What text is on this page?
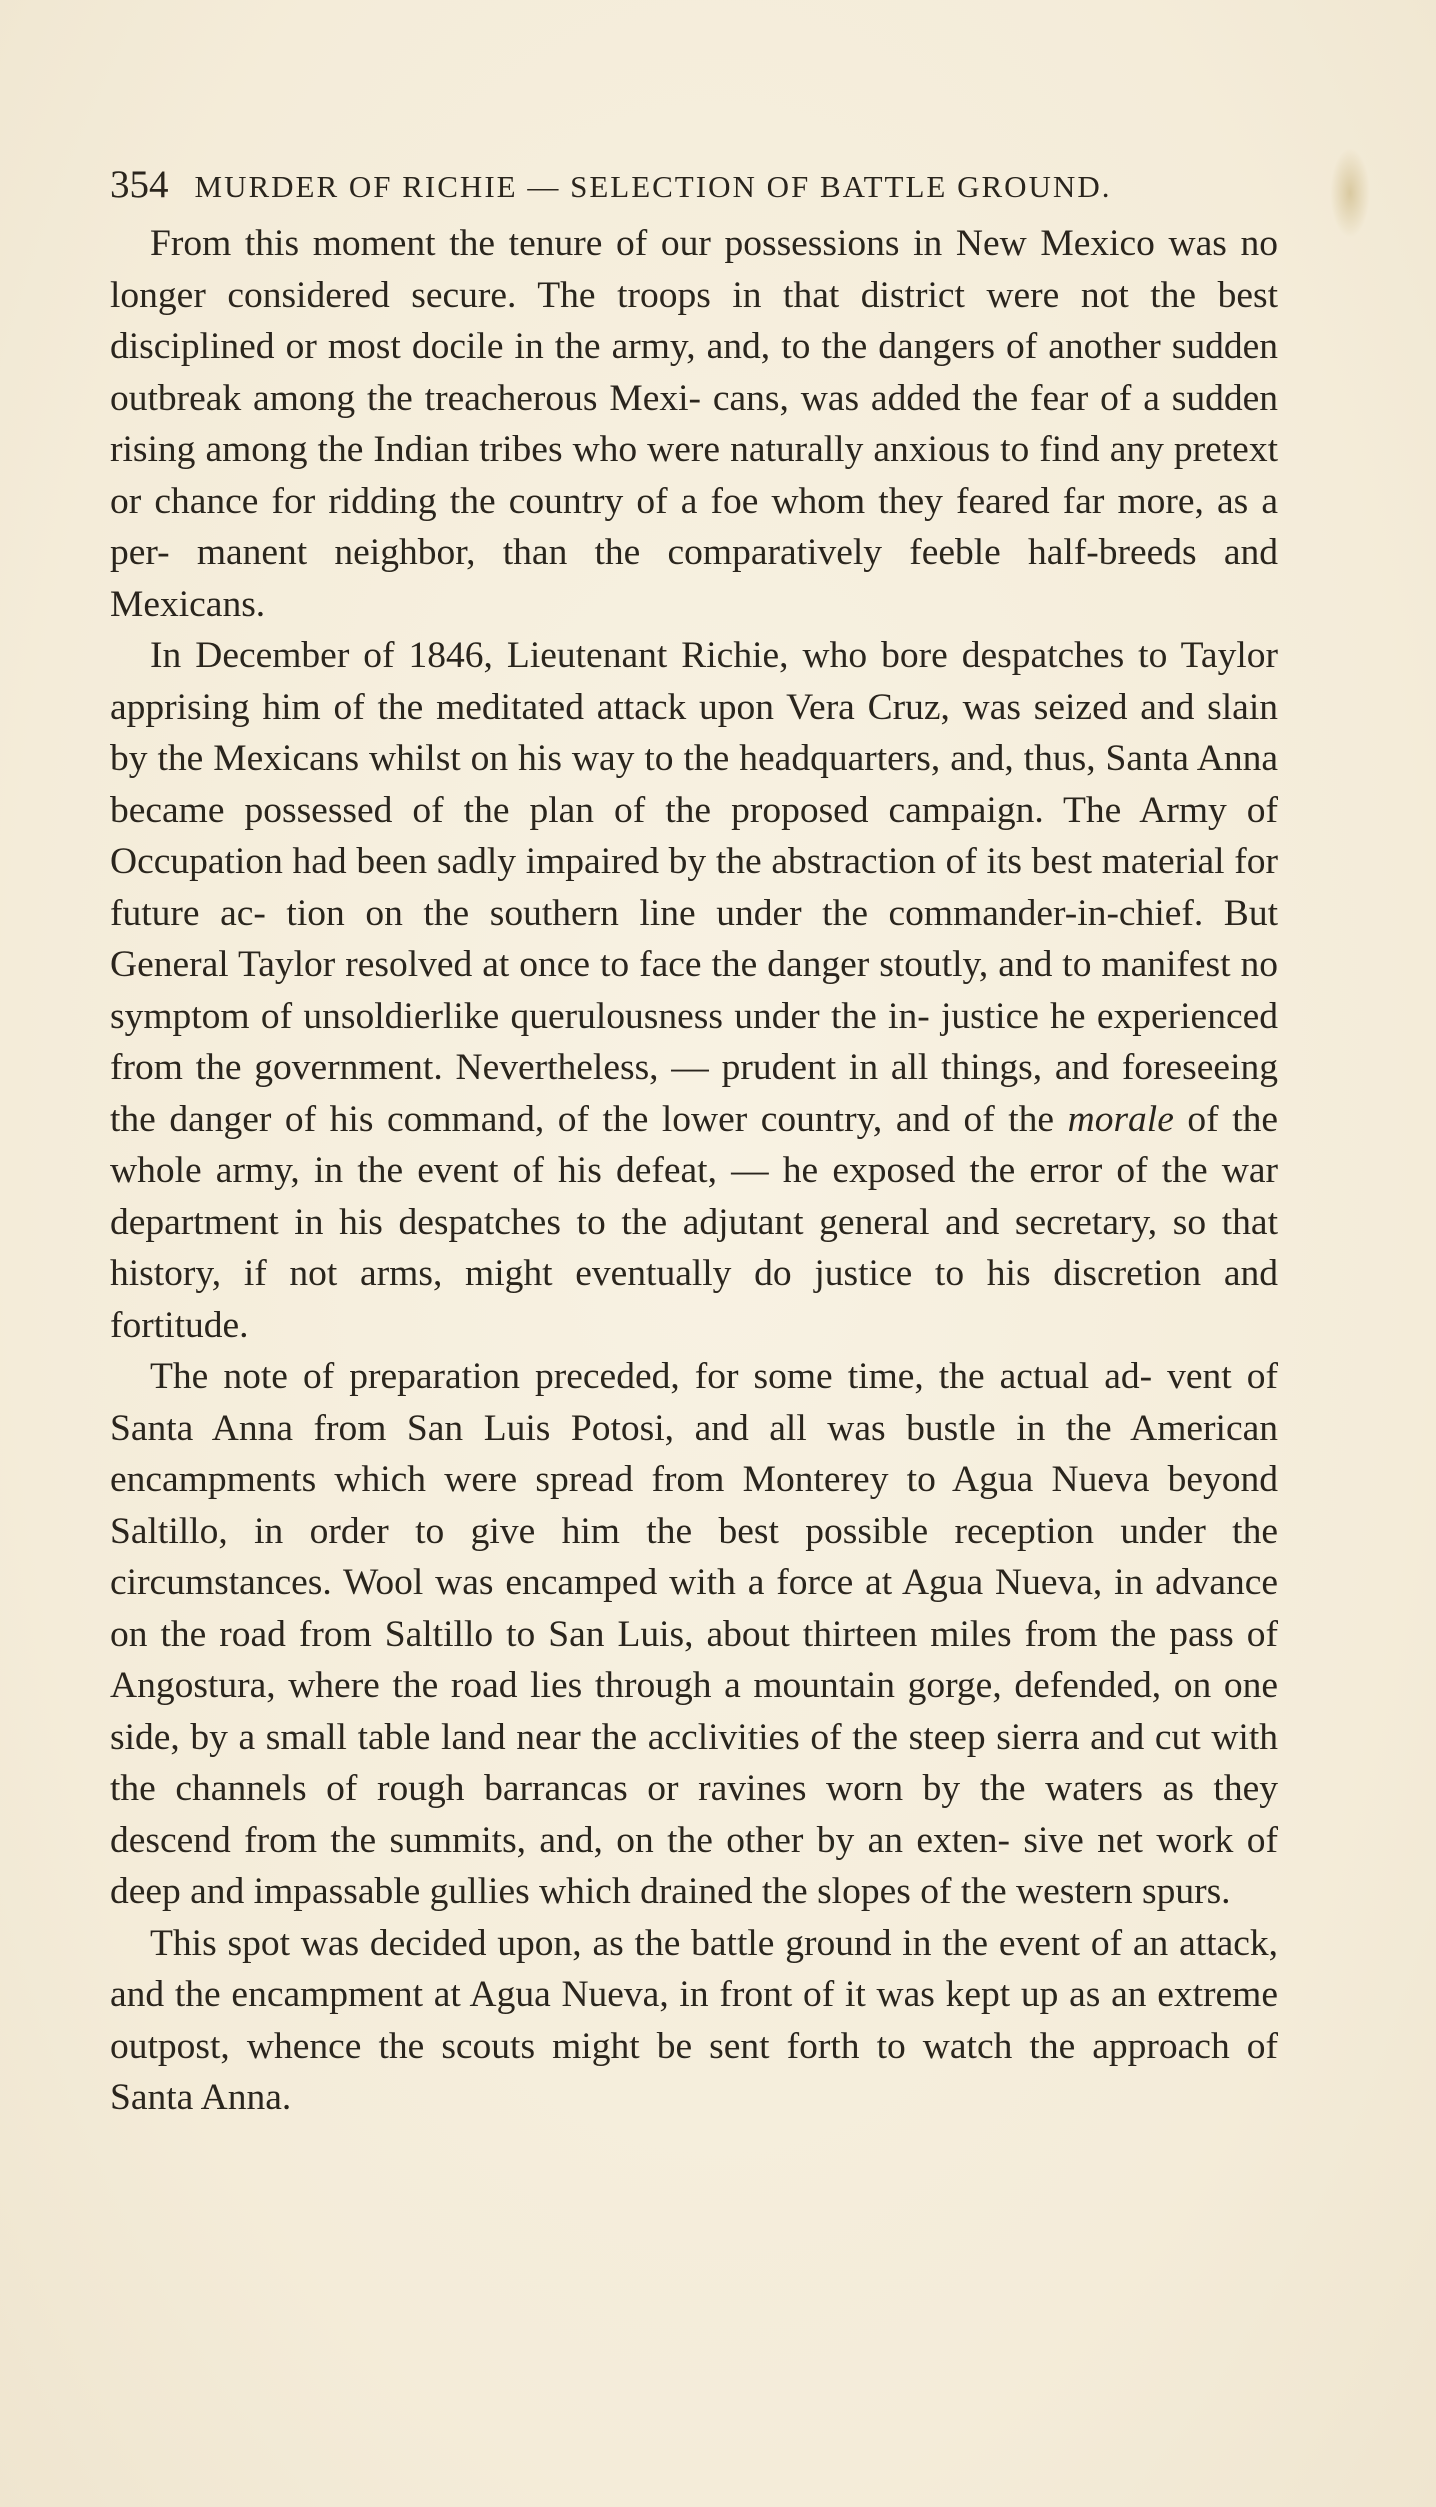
354 MURDER OF RICHIE — SELECTION OF BATTLE GROUND.

From this moment the tenure of our possessions in New Mexico was no longer considered secure. The troops in that district were not the best disciplined or most docile in the army, and, to the dangers of another sudden outbreak among the treacherous Mexi- cans, was added the fear of a sudden rising among the Indian tribes who were naturally anxious to find any pretext or chance for ridding the country of a foe whom they feared far more, as a per- manent neighbor, than the comparatively feeble half-breeds and Mexicans.

In December of 1846, Lieutenant Richie, who bore despatches to Taylor apprising him of the meditated attack upon Vera Cruz, was seized and slain by the Mexicans whilst on his way to the headquarters, and, thus, Santa Anna became possessed of the plan of the proposed campaign. The Army of Occupation had been sadly impaired by the abstraction of its best material for future ac- tion on the southern line under the commander-in-chief. But General Taylor resolved at once to face the danger stoutly, and to manifest no symptom of unsoldierlike querulousness under the in- justice he experienced from the government. Nevertheless, — prudent in all things, and foreseeing the danger of his command, of the lower country, and of the morale of the whole army, in the event of his defeat, — he exposed the error of the war department in his despatches to the adjutant general and secretary, so that history, if not arms, might eventually do justice to his discretion and fortitude.

The note of preparation preceded, for some time, the actual ad- vent of Santa Anna from San Luis Potosi, and all was bustle in the American encampments which were spread from Monterey to Agua Nueva beyond Saltillo, in order to give him the best possible reception under the circumstances. Wool was encamped with a force at Agua Nueva, in advance on the road from Saltillo to San Luis, about thirteen miles from the pass of Angostura, where the road lies through a mountain gorge, defended, on one side, by a small table land near the acclivities of the steep sierra and cut with the channels of rough barrancas or ravines worn by the waters as they descend from the summits, and, on the other by an exten- sive net work of deep and impassable gullies which drained the slopes of the western spurs.

This spot was decided upon, as the battle ground in the event of an attack, and the encampment at Agua Nueva, in front of it was kept up as an extreme outpost, whence the scouts might be sent forth to watch the approach of Santa Anna.
